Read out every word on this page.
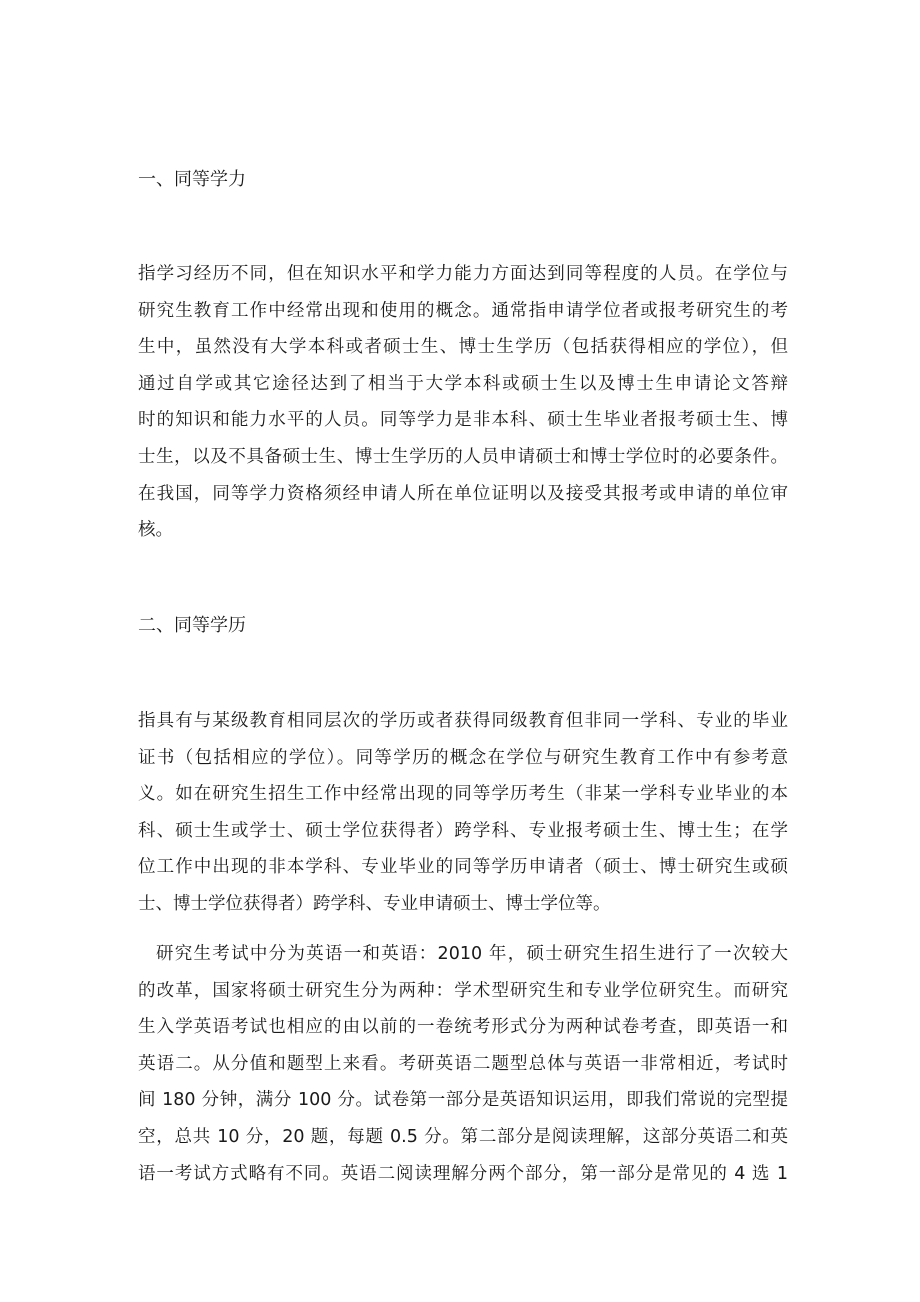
一、同等学力
指学习经历不同，但在知识水平和学力能力方面达到同等程度的人员。在学位与
研究生教育工作中经常出现和使用的概念。通常指申请学位者或报考研究生的考
生中，虽然没有大学本科或者硕士生、博士生学历（包括获得相应的学位），但
通过自学或其它途径达到了相当于大学本科或硕士生以及博士生申请论文答辩
时的知识和能力水平的人员。同等学力是非本科、硕士生毕业者报考硕士生、博
士生，以及不具备硕士生、博士生学历的人员申请硕士和博士学位时的必要条件。
在我国，同等学力资格须经申请人所在单位证明以及接受其报考或申请的单位审
核。
二、同等学历
指具有与某级教育相同层次的学历或者获得同级教育但非同一学科、专业的毕业
证书（包括相应的学位）。同等学历的概念在学位与研究生教育工作中有参考意
义。如在研究生招生工作中经常出现的同等学历考生（非某一学科专业毕业的本
科、硕士生或学士、硕士学位获得者）跨学科、专业报考硕士生、博士生；在学
位工作中出现的非本学科、专业毕业的同等学历申请者（硕士、博士研究生或硕
士、博士学位获得者）跨学科、专业申请硕士、博士学位等。
研究生考试中分为英语一和英语：2010 年，硕士研究生招生进行了一次较大
的改革，国家将硕士研究生分为两种：学术型研究生和专业学位研究生。而研究
生入学英语考试也相应的由以前的一卷统考形式分为两种试卷考查，即英语一和
英语二。从分值和题型上来看。考研英语二题型总体与英语一非常相近，考试时
间 180 分钟，满分 100 分。试卷第一部分是英语知识运用，即我们常说的完型提
空，总共 10 分，20 题，每题 0.5 分。第二部分是阅读理解，这部分英语二和英
语一考试方式略有不同。英语二阅读理解分两个部分，第一部分是常见的 4 选 1
